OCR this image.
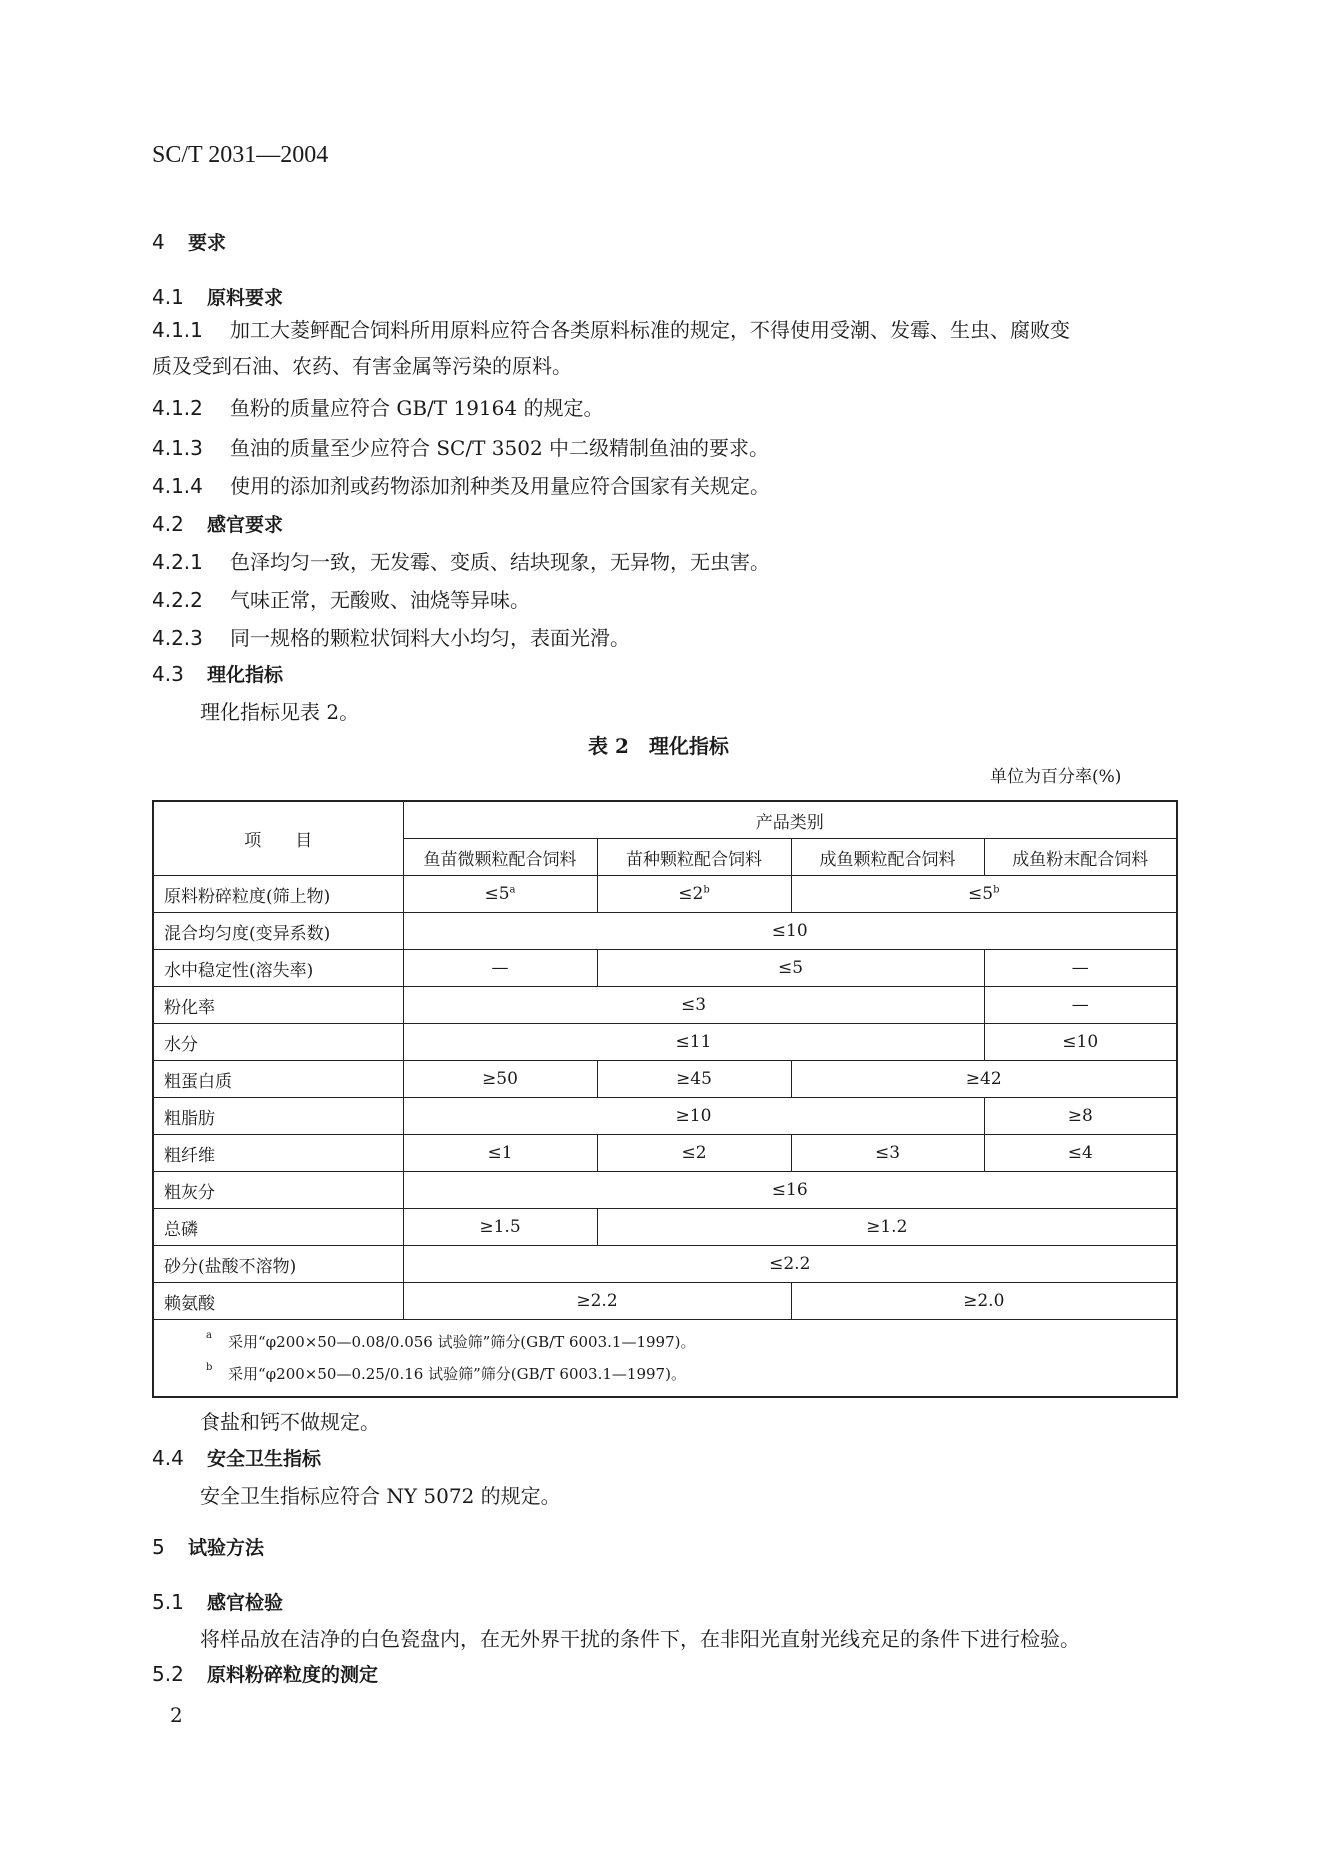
SC/T 2031—2004
4 要求
4.1 原料要求
4.1.1 加工大菱鲆配合饲料所用原料应符合各类原料标准的规定，不得使用受潮、发霉、生虫、腐败变
质及受到石油、农药、有害金属等污染的原料。
4.1.2 鱼粉的质量应符合 GB/T 19164 的规定。
4.1.3 鱼油的质量至少应符合 SC/T 3502 中二级精制鱼油的要求。
4.1.4 使用的添加剂或药物添加剂种类及用量应符合国家有关规定。
4.2 感官要求
4.2.1 色泽均匀一致，无发霉、变质、结块现象，无异物，无虫害。
4.2.2 气味正常，无酸败、油烧等异味。
4.2.3 同一规格的颗粒状饲料大小均匀，表面光滑。
4.3 理化指标
理化指标见表 2。
表 2　理化指标
单位为百分率(%)
项　　目	产品类别			
	鱼苗微颗粒配合饲料	苗种颗粒配合饲料	成鱼颗粒配合饲料	成鱼粉末配合饲料
原料粉碎粒度(筛上物)	$\le 5^a$	$\le 2^b$	$\le 5^b$
混合均匀度(变异系数)	≤10			
水中稳定性(溶失率)	—	≤5		—
粉化率	≤3			—
水分	≤11			≤10
粗蛋白质	≥50	≥45	≥42	
粗脂肪	≥10			≥8
粗纤维	≤1	≤2	≤3	≤4
粗灰分	≤16			
总磷	≥1.5	≥1.2		
砂分(盐酸不溶物)	≤2.2			
赖氨酸	≥2.2		≥2.0	

a 采用“φ200×50—0.08/0.056 试验筛”筛分(GB/T 6003.1—1997)。
b 采用“φ200×50—0.25/0.16 试验筛”筛分(GB/T 6003.1—1997)。				
食盐和钙不做规定。
4.4 安全卫生指标
安全卫生指标应符合 NY 5072 的规定。
5 试验方法
5.1 感官检验
将样品放在洁净的白色瓷盘内，在无外界干扰的条件下，在非阳光直射光线充足的条件下进行检验。
5.2 原料粉碎粒度的测定
2
